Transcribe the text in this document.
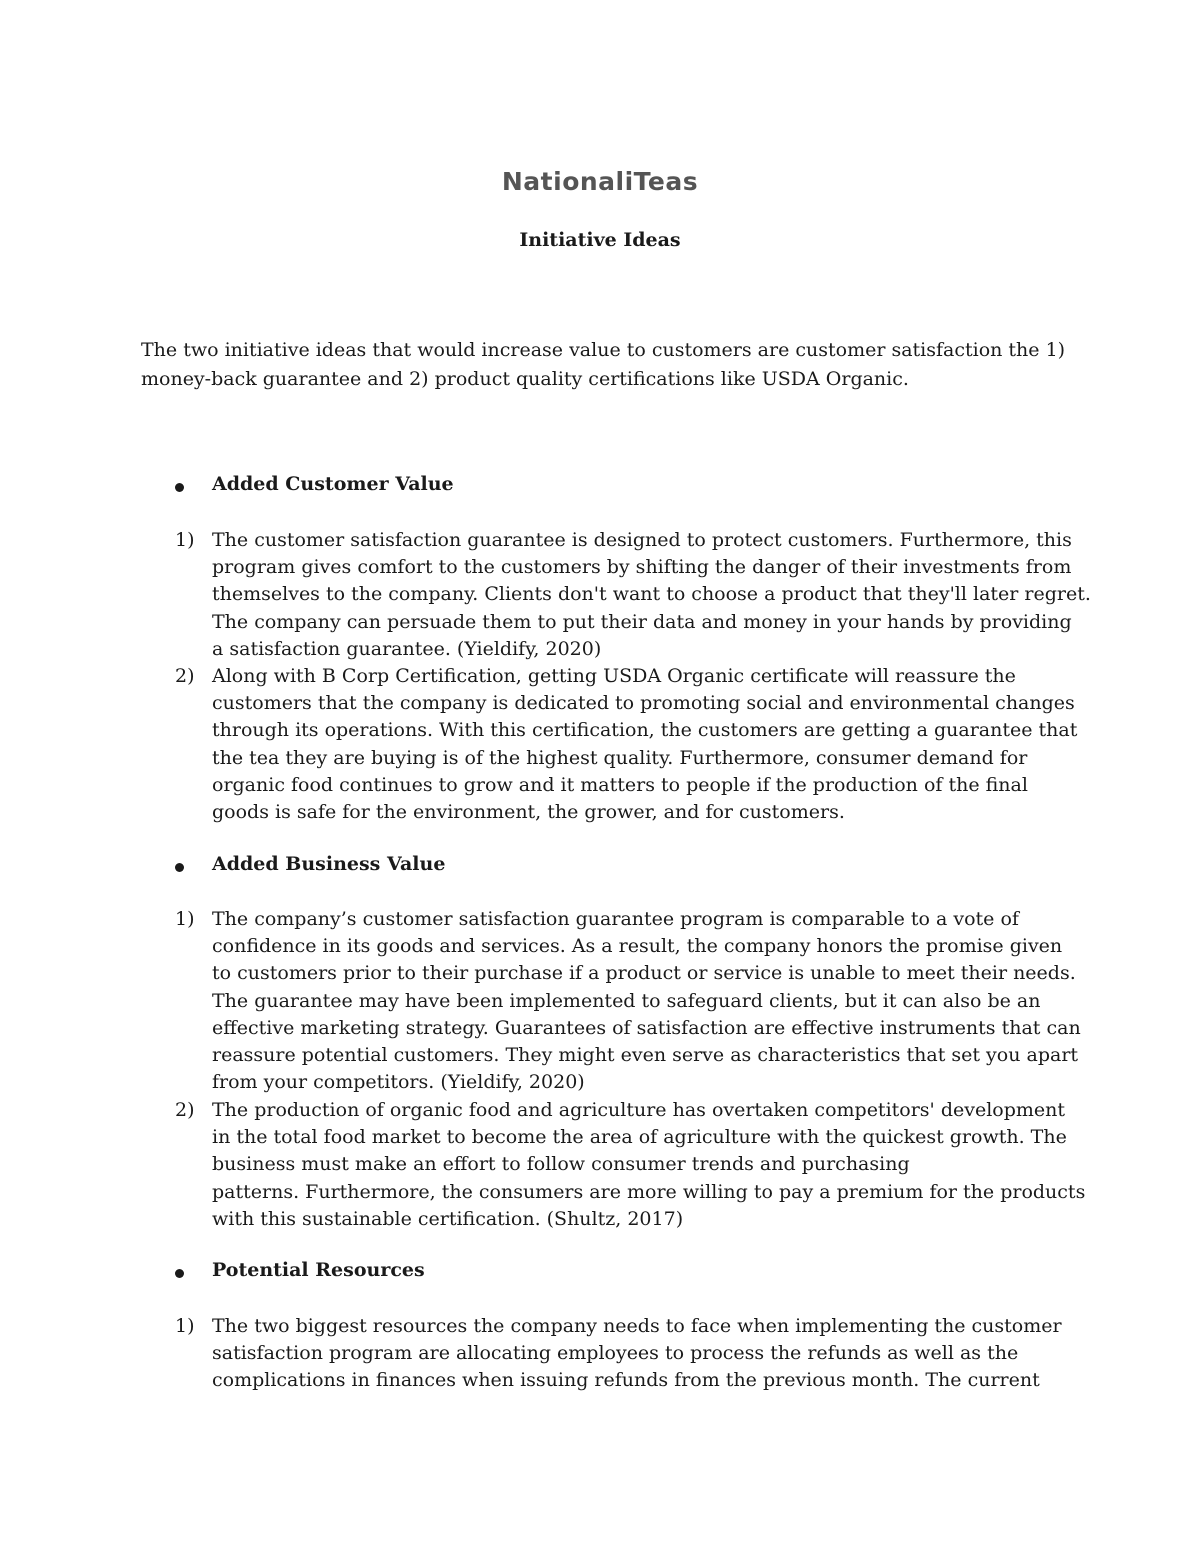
NationaliTeas
Initiative Ideas

The two initiative ideas that would increase value to customers are customer satisfaction the 1)
money-back guarantee and 2) product quality certifications like USDA Organic.

Added Customer Value
1) The customer satisfaction guarantee is designed to protect customers. Furthermore, this
program gives comfort to the customers by shifting the danger of their investments from
themselves to the company. Clients don't want to choose a product that they'll later regret.
The company can persuade them to put their data and money in your hands by providing
a satisfaction guarantee. (Yieldify, 2020)
2) Along with B Corp Certification, getting USDA Organic certificate will reassure the
customers that the company is dedicated to promoting social and environmental changes
through its operations. With this certification, the customers are getting a guarantee that
the tea they are buying is of the highest quality. Furthermore, consumer demand for
organic food continues to grow and it matters to people if the production of the final
goods is safe for the environment, the grower, and for customers.
Added Business Value
1) The company’s customer satisfaction guarantee program is comparable to a vote of
confidence in its goods and services. As a result, the company honors the promise given
to customers prior to their purchase if a product or service is unable to meet their needs.
The guarantee may have been implemented to safeguard clients, but it can also be an
effective marketing strategy. Guarantees of satisfaction are effective instruments that can
reassure potential customers. They might even serve as characteristics that set you apart
from your competitors. (Yieldify, 2020)
2) The production of organic food and agriculture has overtaken competitors' development
in the total food market to become the area of agriculture with the quickest growth. The
business must make an effort to follow consumer trends and purchasing
patterns. Furthermore, the consumers are more willing to pay a premium for the products
with this sustainable certification. (Shultz, 2017)
Potential Resources
1) The two biggest resources the company needs to face when implementing the customer
satisfaction program are allocating employees to process the refunds as well as the
complications in finances when issuing refunds from the previous month. The current
